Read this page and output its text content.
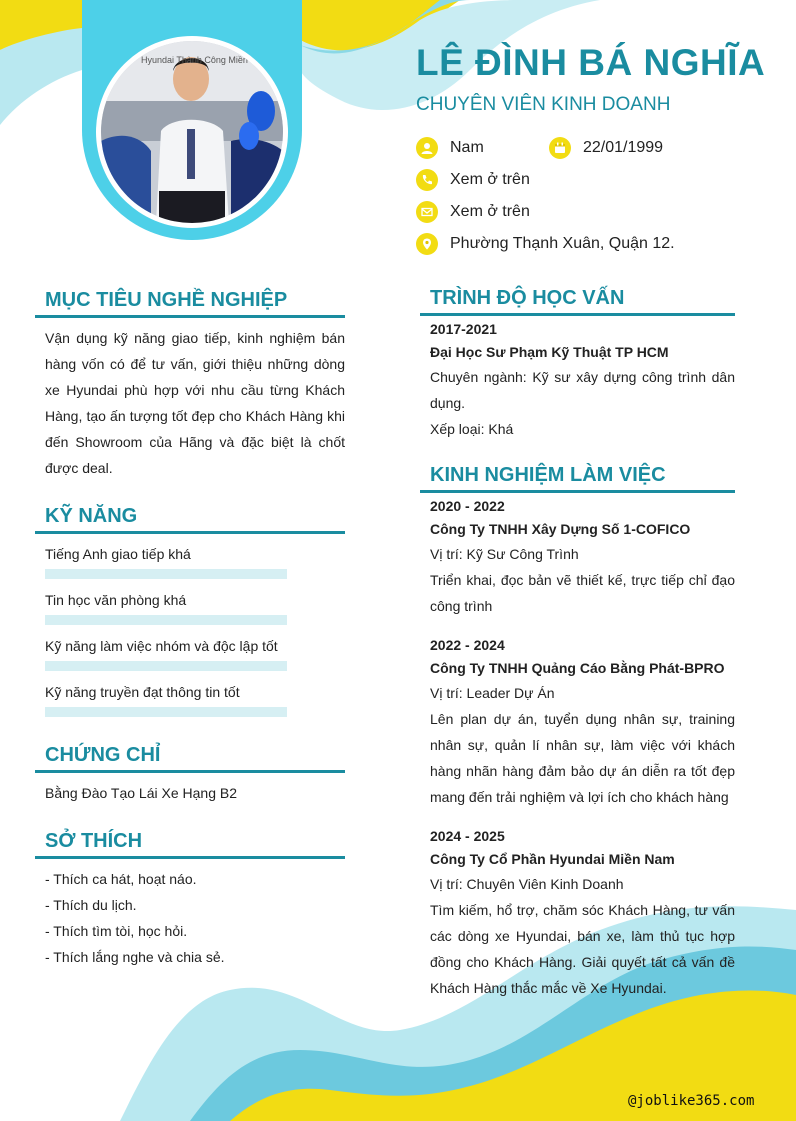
Hyundai Thành Công Miền	LÊ ĐÌNH BÁ NGHĨA
CHUYÊN VIÊN KINH DOANH
Nam	22/01/1999
Xem ở trên
Xem ở trên
Phường Thạnh Xuân, Quận 12.
MỤC TIÊU NGHỀ NGHIỆP
Vận dụng kỹ năng giao tiếp, kinh nghiệm bán hàng vốn có để tư vấn, giới thiệu những dòng xe Hyundai phù hợp với nhu cầu từng Khách Hàng, tạo ấn tượng tốt đẹp cho Khách Hàng khi đến Showroom của Hãng và đặc biệt là chốt được deal.
KỸ NĂNG
Tiếng Anh giao tiếp khá
Tin học văn phòng khá
Kỹ năng làm việc nhóm và độc lập tốt
Kỹ năng truyền đạt thông tin tốt
CHỨNG CHỈ
Bằng Đào Tạo Lái Xe Hạng B2
SỞ THÍCH
- Thích ca hát, hoạt náo.
- Thích du lịch.
- Thích tìm tòi, học hỏi.
- Thích lắng nghe và chia sẻ.
TRÌNH ĐỘ HỌC VẤN
2017-2021
Đại Học Sư Phạm Kỹ Thuật TP HCM
Chuyên ngành: Kỹ sư xây dựng công trình dân dụng.
Xếp loại: Khá
KINH NGHIỆM LÀM VIỆC
2020 - 2022
Công Ty TNHH Xây Dựng Số 1-COFICO
Vị trí: Kỹ Sư Công Trình
Triển khai, đọc bản vẽ thiết kế, trực tiếp chỉ đạo công trình
2022 - 2024
Công Ty TNHH Quảng Cáo Bằng Phát-BPRO
Vị trí: Leader Dự Án
Lên plan dự án, tuyển dụng nhân sự, training nhân sự, quản lí nhân sự, làm việc với khách hàng nhãn hàng đảm bảo dự án diễn ra tốt đẹp mang đến trải nghiệm và lợi ích cho khách hàng
2024 - 2025
Công Ty Cổ Phần Hyundai Miền Nam
Vị trí: Chuyên Viên Kinh Doanh
Tìm kiếm, hổ trợ, chăm sóc Khách Hàng, tư vấn các dòng xe Hyundai, bán xe, làm thủ tục hợp đồng cho Khách Hàng. Giải quyết tất cả vấn đề Khách Hàng thắc mắc về Xe Hyundai.
@joblike365.com
